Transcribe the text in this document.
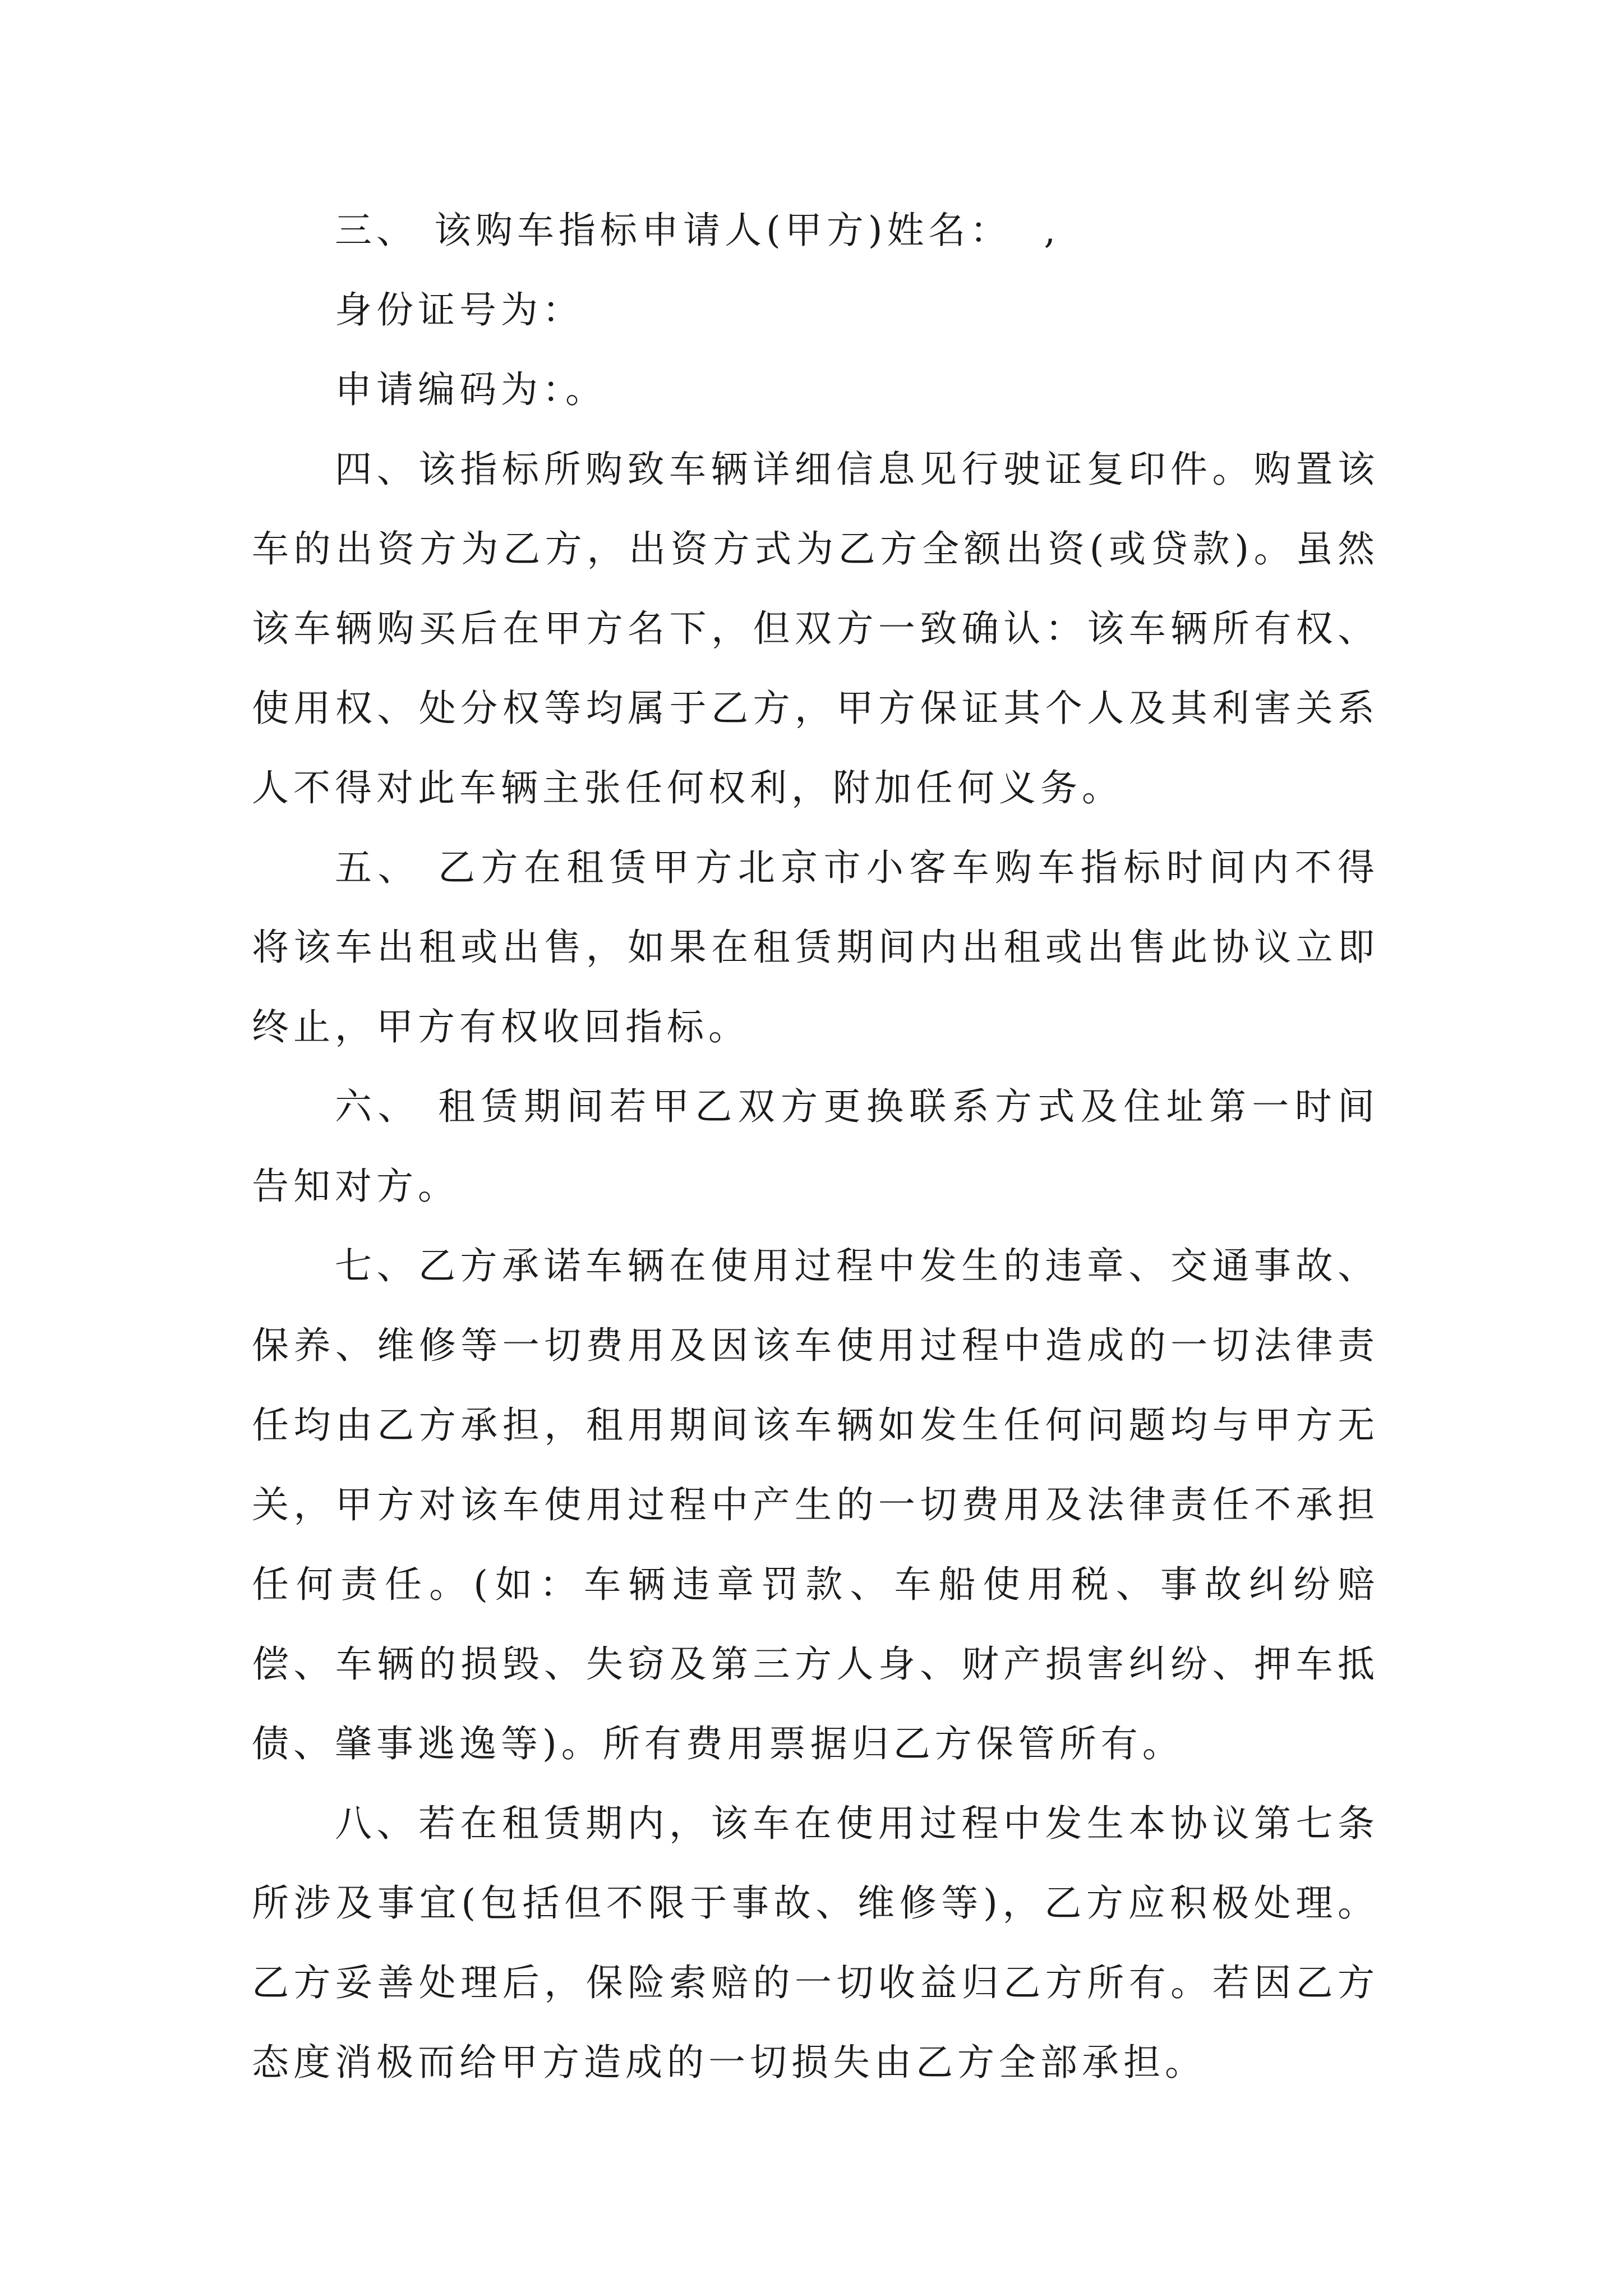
三、 该购车指标申请人(甲方)姓名：  ,

身份证号为：

申请编码为：。

四、该指标所购致车辆详细信息见行驶证复印件。购置该车的出资方为乙方，出资方式为乙方全额出资(或贷款)。虽然该车辆购买后在甲方名下，但双方一致确认：该车辆所有权、使用权、处分权等均属于乙方，甲方保证其个人及其利害关系人不得对此车辆主张任何权利，附加任何义务。

五、 乙方在租赁甲方北京市小客车购车指标时间内不得将该车出租或出售，如果在租赁期间内出租或出售此协议立即终止，甲方有权收回指标。

六、 租赁期间若甲乙双方更换联系方式及住址第一时间告知对方。

七、乙方承诺车辆在使用过程中发生的违章、交通事故、保养、维修等一切费用及因该车使用过程中造成的一切法律责任均由乙方承担，租用期间该车辆如发生任何问题均与甲方无关，甲方对该车使用过程中产生的一切费用及法律责任不承担任何责任。(如：车辆违章罚款、车船使用税、事故纠纷赔偿、车辆的损毁、失窃及第三方人身、财产损害纠纷、押车抵债、肇事逃逸等)。所有费用票据归乙方保管所有。

八、若在租赁期内，该车在使用过程中发生本协议第七条所涉及事宜(包括但不限于事故、维修等)，乙方应积极处理。乙方妥善处理后，保险索赔的一切收益归乙方所有。若因乙方态度消极而给甲方造成的一切损失由乙方全部承担。
